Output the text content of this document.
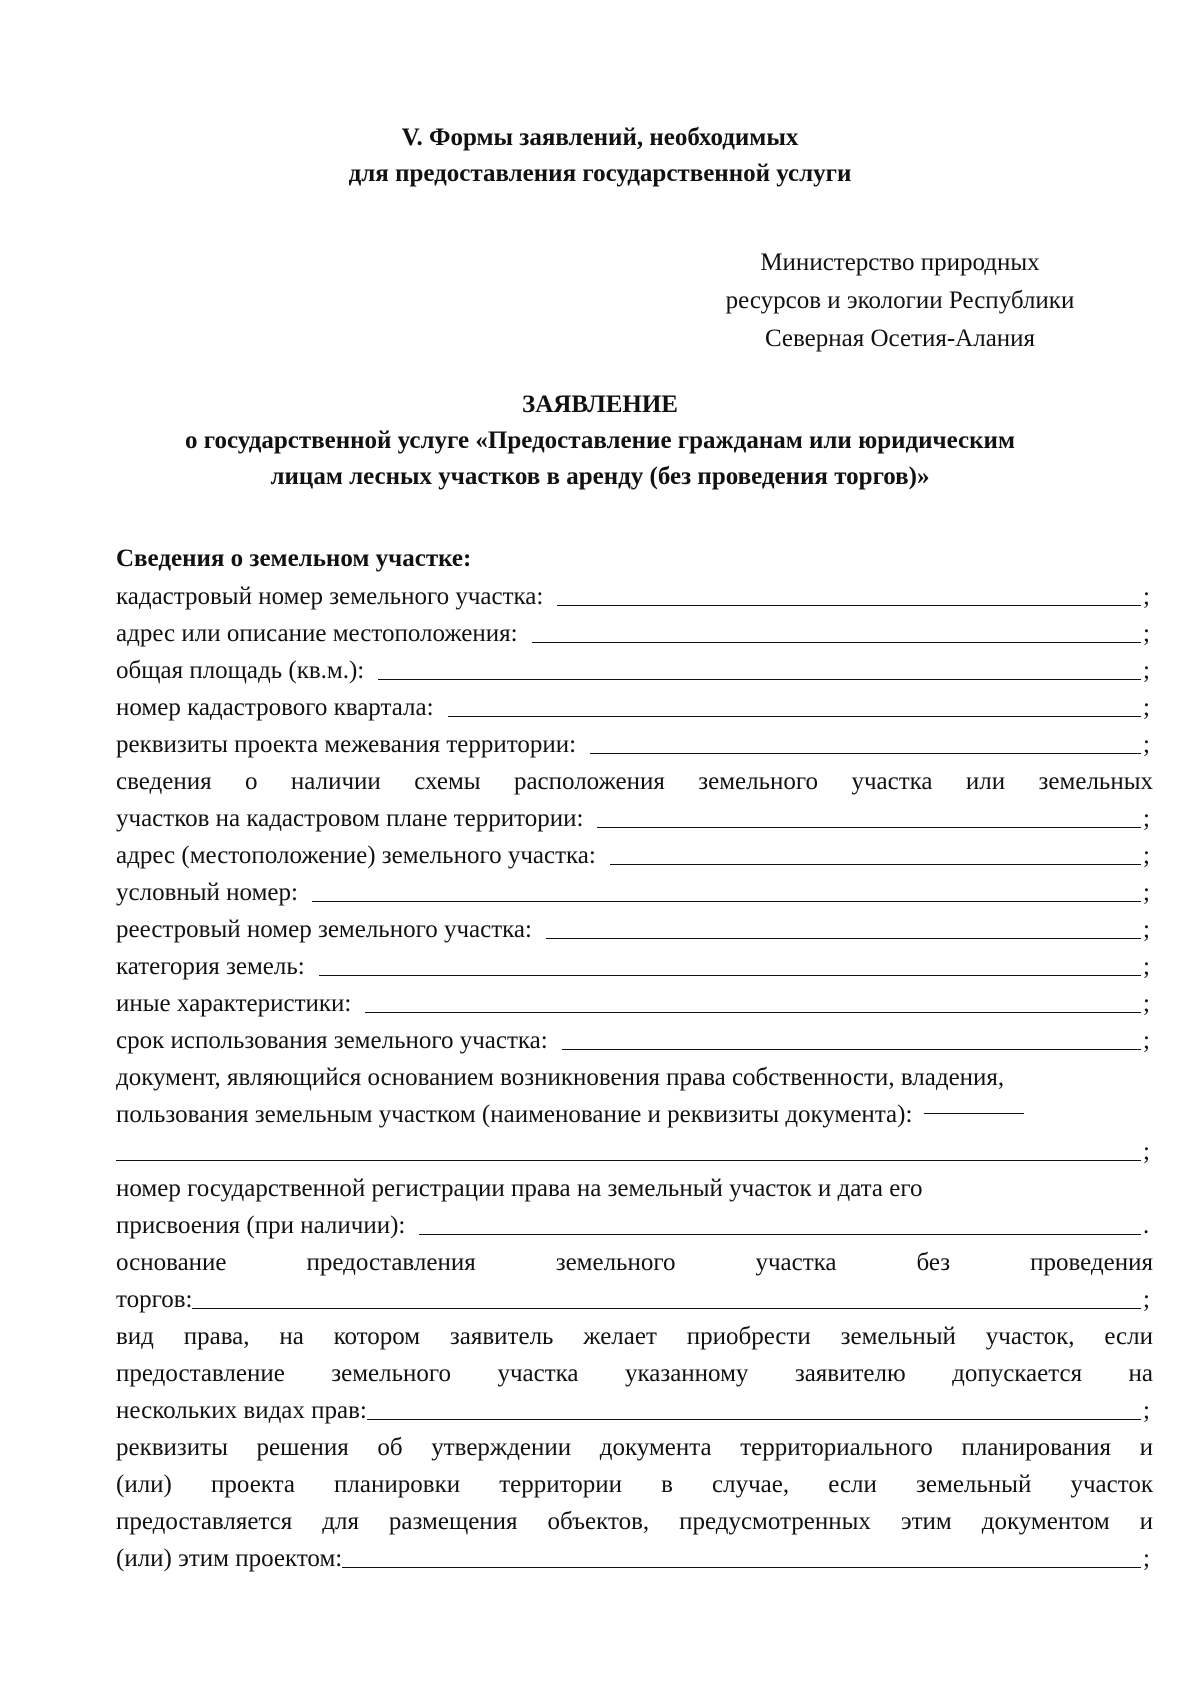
V. Формы заявлений, необходимых
для предоставления государственной услуги
Министерство природных
ресурсов и экологии Республики
Северная Осетия-Алания
ЗАЯВЛЕНИЕ
о государственной услуге «Предоставление гражданам или юридическим
лицам лесных участков в аренду (без проведения торгов)»
Сведения о земельном участке:
кадастровый номер земельного участка:	;
адрес или описание местоположения:	;
общая площадь (кв.м.):	;
номер кадастрового квартала:	;
реквизиты проекта межевания территории:	;
сведения о наличии схемы расположения земельного участка или земельных
участков на кадастровом плане территории:	;
адрес (местоположение) земельного участка:	;
условный номер:	;
реестровый номер земельного участка:	;
категория земель:	;
иные характеристики:	;
срок использования земельного участка:	;
документ, являющийся основанием возникновения права собственности, владения,
пользования земельным участком (наименование и реквизиты документа):
;
номер государственной регистрации права на земельный участок и дата его
присвоения (при наличии):	.
основание предоставления земельного участка без проведения
торгов:	;
вид права, на котором заявитель желает приобрести земельный участок, если
предоставление земельного участка указанному заявителю допускается на
нескольких видах прав:	;
реквизиты решения об утверждении документа территориального планирования и
(или) проекта планировки территории в случае, если земельный участок
предоставляется для размещения объектов, предусмотренных этим документом и
(или) этим проектом:	;
